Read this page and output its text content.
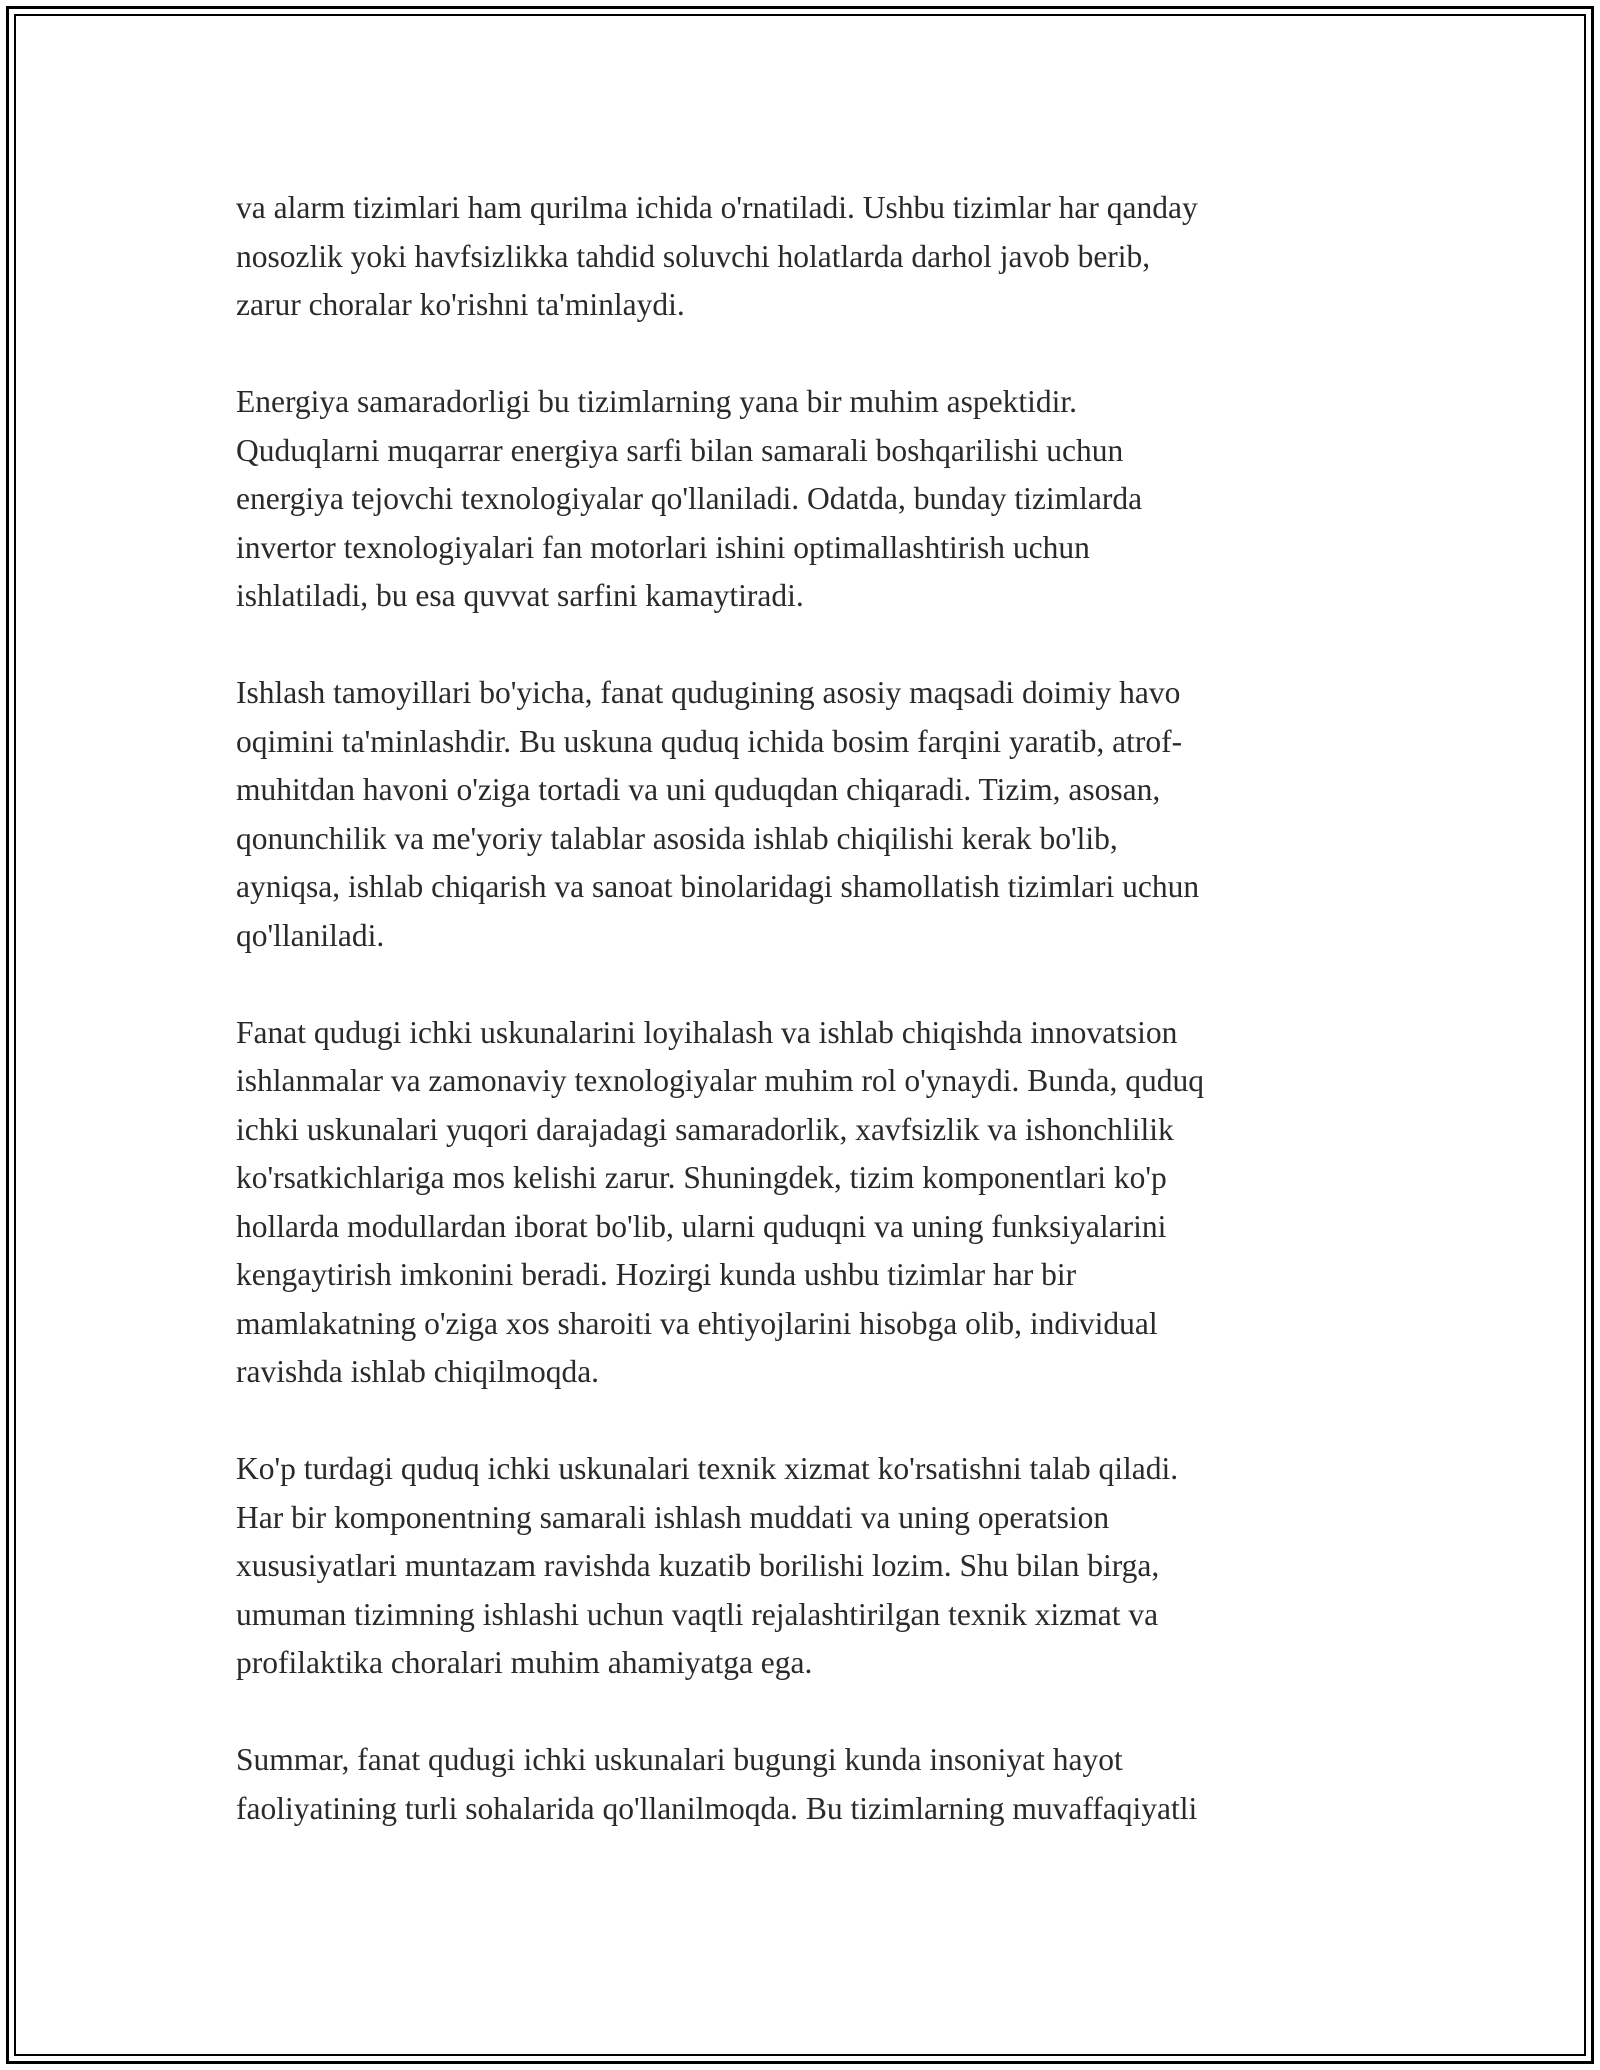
va alarm tizimlari ham qurilma ichida o'rnatiladi. Ushbu tizimlar har qanday
nosozlik yoki havfsizlikka tahdid soluvchi holatlarda darhol javob berib,
zarur choralar ko'rishni ta'minlaydi.

Energiya samaradorligi bu tizimlarning yana bir muhim aspektidir.
Quduqlarni muqarrar energiya sarfi bilan samarali boshqarilishi uchun
energiya tejovchi texnologiyalar qo'llaniladi. Odatda, bunday tizimlarda
invertor texnologiyalari fan motorlari ishini optimallashtirish uchun
ishlatiladi, bu esa quvvat sarfini kamaytiradi.

Ishlash tamoyillari bo'yicha, fanat qudugining asosiy maqsadi doimiy havo
oqimini ta'minlashdir. Bu uskuna quduq ichida bosim farqini yaratib, atrof-
muhitdan havoni o'ziga tortadi va uni quduqdan chiqaradi. Tizim, asosan,
qonunchilik va me'yoriy talablar asosida ishlab chiqilishi kerak bo'lib,
ayniqsa, ishlab chiqarish va sanoat binolaridagi shamollatish tizimlari uchun
qo'llaniladi.

Fanat qudugi ichki uskunalarini loyihalash va ishlab chiqishda innovatsion
ishlanmalar va zamonaviy texnologiyalar muhim rol o'ynaydi. Bunda, quduq
ichki uskunalari yuqori darajadagi samaradorlik, xavfsizlik va ishonchlilik
ko'rsatkichlariga mos kelishi zarur. Shuningdek, tizim komponentlari ko'p
hollarda modullardan iborat bo'lib, ularni quduqni va uning funksiyalarini
kengaytirish imkonini beradi. Hozirgi kunda ushbu tizimlar har bir
mamlakatning o'ziga xos sharoiti va ehtiyojlarini hisobga olib, individual
ravishda ishlab chiqilmoqda.

Ko'p turdagi quduq ichki uskunalari texnik xizmat ko'rsatishni talab qiladi.
Har bir komponentning samarali ishlash muddati va uning operatsion
xususiyatlari muntazam ravishda kuzatib borilishi lozim. Shu bilan birga,
umuman tizimning ishlashi uchun vaqtli rejalashtirilgan texnik xizmat va
profilaktika choralari muhim ahamiyatga ega.

Summar, fanat qudugi ichki uskunalari bugungi kunda insoniyat hayot
faoliyatining turli sohalarida qo'llanilmoqda. Bu tizimlarning muvaffaqiyatli
